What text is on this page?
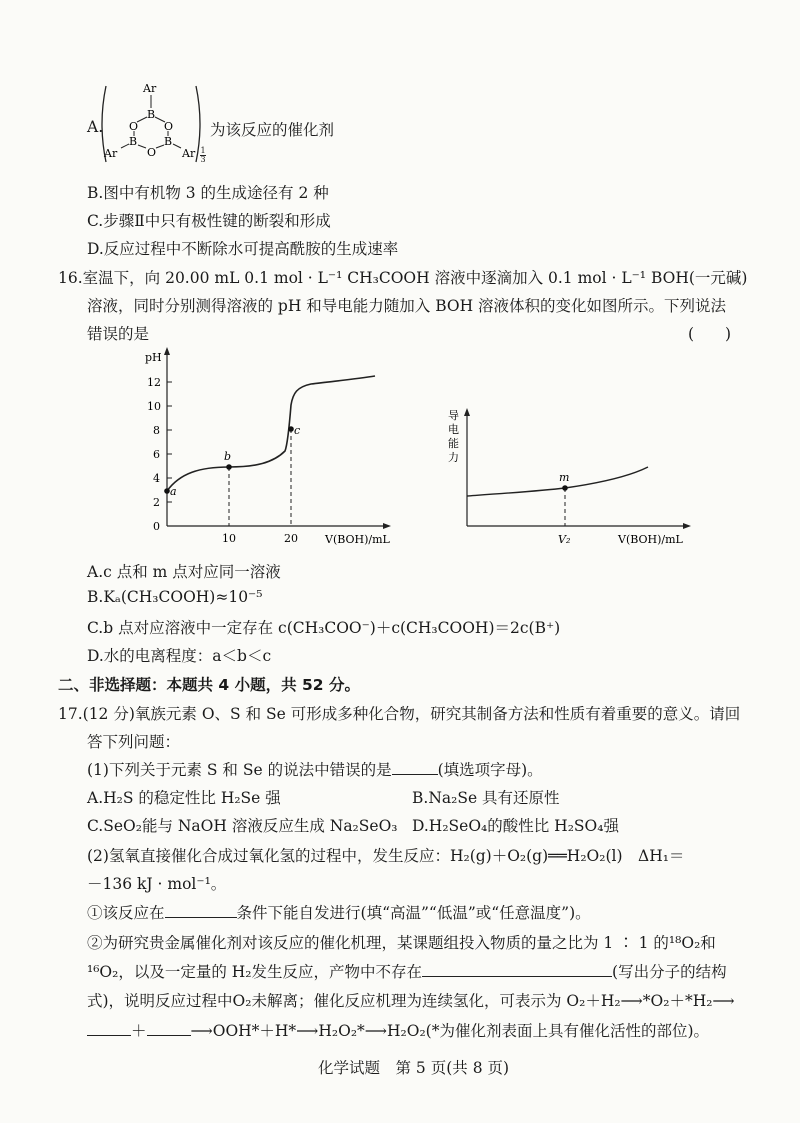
A.
Ar
B
O O
B B
O
Ar	Ar 1
3
为该反应的催化剂
B.图中有机物 3 的生成途径有 2 种
C.步骤Ⅱ中只有极性键的断裂和形成
D.反应过程中不断除水可提高酰胺的生成速率
16.室温下，向 20.00 mL 0.1 mol · L⁻¹ CH₃COOH 溶液中逐滴加入 0.1 mol · L⁻¹ BOH(一元碱)
溶液，同时分别测得溶液的 pH 和导电能力随加入 BOH 溶液体积的变化如图所示。下列说法
错误的是	(　　)
pH
0
2
4
6
8
10
12
10	20
a
b
c
V(BOH)/mL
导
电
能
力
m
V₂	V(BOH)/mL
A.c 点和 m 点对应同一溶液
B.Kₐ(CH₃COOH)≈10⁻⁵
C.b 点对应溶液中一定存在 c(CH₃COO⁻)＋c(CH₃COOH)＝2c(B⁺)
D.水的电离程度：a＜b＜c
二、非选择题：本题共 4 小题，共 52 分。
17.(12 分)氧族元素 O、S 和 Se 可形成多种化合物，研究其制备方法和性质有着重要的意义。请回
答下列问题：
(1)下列关于元素 S 和 Se 的说法中错误的是	(填选项字母)。
A.H₂S 的稳定性比 H₂Se 强	B.Na₂Se 具有还原性
C.SeO₂能与 NaOH 溶液反应生成 Na₂SeO₃ D.H₂SeO₄的酸性比 H₂SO₄强
(2)氢氧直接催化合成过氧化氢的过程中，发生反应：H₂(g)＋O₂(g)══H₂O₂(l)　ΔH₁＝
－136 kJ · mol⁻¹。
①该反应在	条件下能自发进行(填“高温”“低温”或“任意温度”)。
②为研究贵金属催化剂对该反应的催化机理，某课题组投入物质的量之比为 1 ∶ 1 的¹⁸O₂和
¹⁶O₂，以及一定量的 H₂发生反应，产物中不存在	(写出分子的结构
式)，说明反应过程中O₂未解离；催化反应机理为连续氢化，可表示为 O₂＋H₂⟶*O₂＋*H₂⟶
＋	⟶OOH*＋H*⟶H₂O₂*⟶H₂O₂(*为催化剂表面上具有催化活性的部位)。
化学试题　第 5 页(共 8 页)
